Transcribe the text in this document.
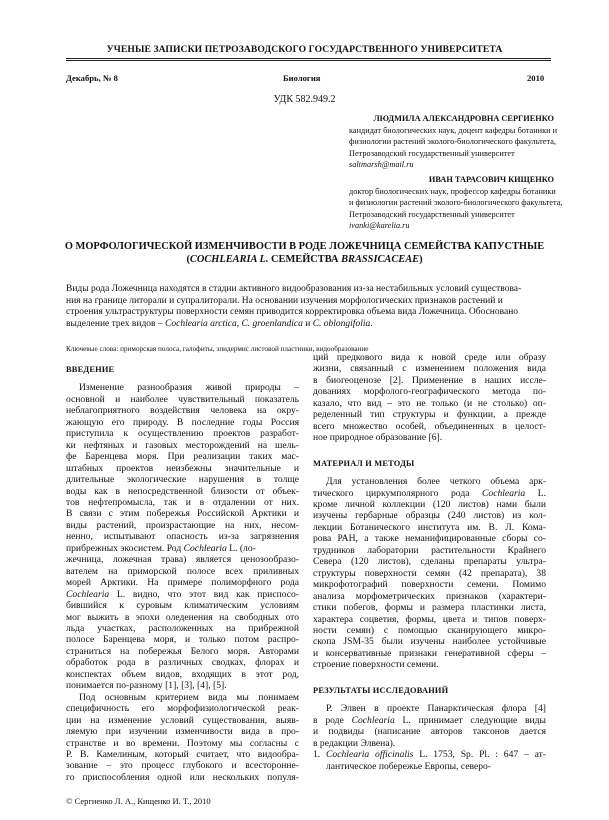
УЧЕНЫЕ ЗАПИСКИ ПЕТРОЗАВОДСКОГО ГОСУДАРСТВЕННОГО УНИВЕРСИТЕТА
Декабрь, № 8	Биология	2010
УДК 582.949.2
ЛЮДМИЛА АЛЕКСАНДРОВНА СЕРГИЕНКО
кандидат биологических наук, доцент кафедры ботаники и
физиологии растений эколого-биологического факультета,
Петрозаводский государственный университет
saltmarsh@mail.ru
ИВАН ТАРАСОВИЧ КИЩЕНКО
доктор биологических наук, профессор кафедры ботаники
и физиологии растений эколого-биологического факультета,
Петрозаводский государственный университет
ivanki@karelia.ru
О МОРФОЛОГИЧЕСКОЙ ИЗМЕНЧИВОСТИ В РОДЕ ЛОЖЕЧНИЦА СЕМЕЙСТВА КАПУСТНЫЕ
(COCHLEARIA L. СЕМЕЙСТВА BRASSICACEAE)
Виды рода Ложечница находятся в стадии активного видообразования из-за нестабильных условий существова-
ния на границе литорали и супралиторали. На основании изучения морфологических признаков растений и
строения ультраструктуры поверхности семян приводится корректировка объема вида Ложечница. Обосновано
выделение трех видов – Cochlearia arctica, C. groenlandica и C. oblongifolia.
Ключевые слова: приморская полоса, галофиты, эпидермис листовой пластинки, видообразование
ВВЕДЕНИЕ
Изменение разнообразия живой природы –
основной и наиболее чувствительный показатель
неблагоприятного воздействия человека на окру-
жающую его природу. В последние годы Россия
приступила к осуществлению проектов разработ-
ки нефтяных и газовых месторождений на шель-
фе Баренцева моря. При реализации таких мас-
штабных проектов неизбежны значительные и
длительные экологические нарушения в толще
воды как в непосредственной близости от объек-
тов нефтепромысла, так и в отдалении от них.
В связи с этим побережья Российской Арктики и
виды растений, произрастающие на них, несом-
ненно, испытывают опасность из-за загрязнения
прибрежных экосистем. Род Cochlearia L. (ло-
жечница, ложечная трава) является ценозообразо-
вателем на приморской полосе всех приливных
морей Арктики. На примере полиморфного рода
Cochlearia L. видно, что этот вид как приспосо-
бившийся к суровым климатическим условиям
мог выжить в эпохи оледенения на свободных ото
льда участках, расположенных на прибрежной
полосе Баренцева моря, и только потом распро-
страниться на побережья Белого моря. Авторами
обработок рода в различных сводках, флорах и
конспектах объем видов, входящих в этот род,
понимается по-разному [1], [3], [4], [5].
Под основным критерием вида мы понимаем
специфичность его морфофизиологической реак-
ции на изменение условий существования, выяв-
ляемую при изучении изменчивости вида в про-
странстве и во времени. Поэтому мы согласны с
Р. В. Камелиным, который считает, что видообра-
зование – это процесс глубокого и всесторонне-
го приспособления одной или нескольких популя-
ций предкового вида к новой среде или образу
жизни, связанный с изменением положения вида
в биогеоценозе [2]. Применение в наших иссле-
дованиях морфолого-географического метода по-
казало, что вид – это не только (и не столько) оп-
ределенный тип структуры и функции, а прежде
всего множество особей, объединенных в целост-
ное природное образование [6].
МАТЕРИАЛ И МЕТОДЫ
Для установления более четкого объема арк-
тического циркумполярного рода Cochlearia L.
кроме личной коллекции (120 листов) нами были
изучены гербарные образцы (240 листов) из кол-
лекции Ботанического института им. В. Л. Кома-
рова РАН, а также неманифицированные сборы со-
трудников лаборатории растительности Крайнего
Севера (120 листов), сделаны препараты ультра-
структуры поверхности семян (42 препарата), 38
микрофотографий поверхности семени. Помимо
анализа морфометрических признаков (характери-
стики побегов, формы и размера пластинки листа,
характера соцветия, формы, цвета и типов поверх-
ности семян) с помощью сканирующего микро-
скопа JSM-35 были изучены наиболее устойчивые
и консервативные признаки генеративной сферы –
строение поверхности семени.
РЕЗУЛЬТАТЫ ИССЛЕДОВАНИЙ
Р. Элвен в проекте Панарктическая флора [4]
в роде Cochlearia L. принимает следующие виды
и подвиды (написание авторов таксонов дается
в редакции Элвена).
1. Cochlearia officinalis L. 1753, Sp. Pl. : 647 – ат-
лантическое побережье Европы, северо-
© Сергиенко Л. А., Кищенко И. Т., 2010
